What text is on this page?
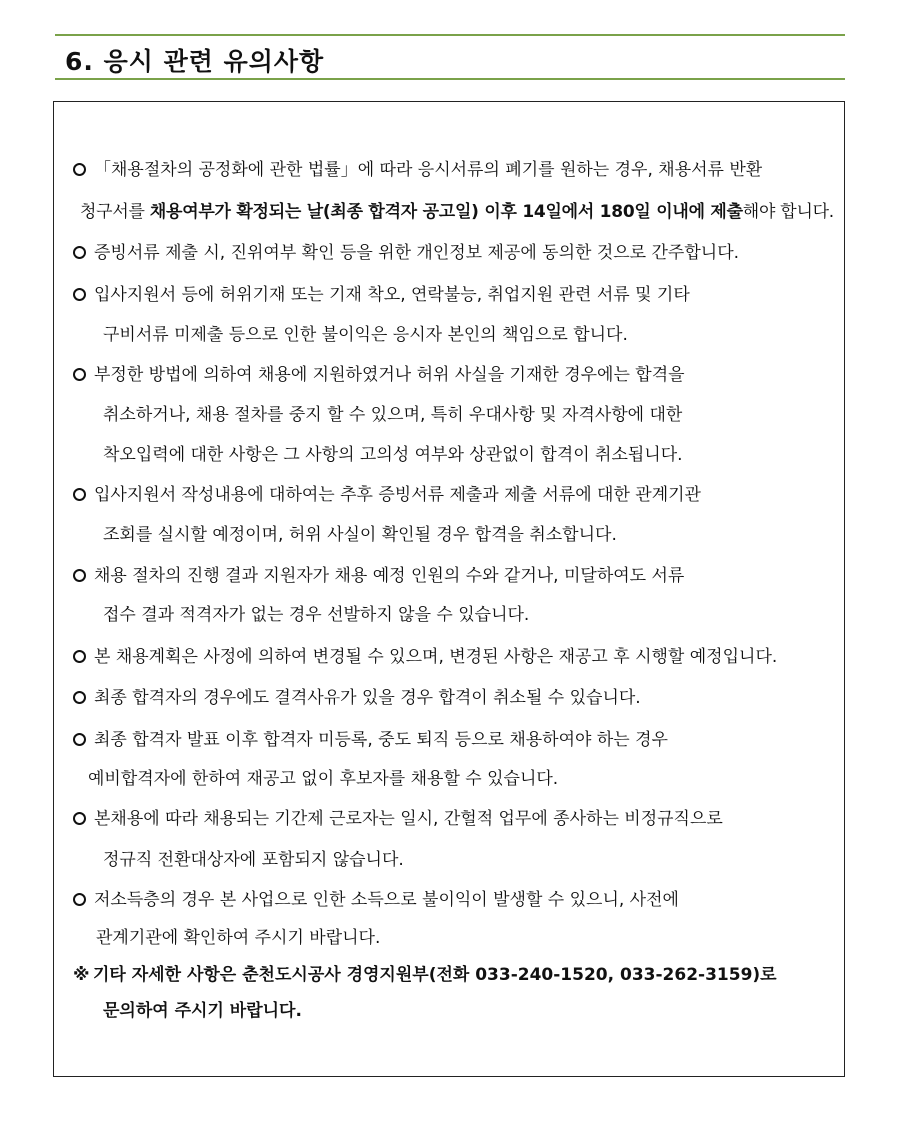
6. 응시 관련 유의사항
「채용절차의 공정화에 관한 법률」에 따라 응시서류의 폐기를 원하는 경우, 채용서류 반환
청구서를 채용여부가 확정되는 날(최종 합격자 공고일) 이후 14일에서 180일 이내에 제출해야 합니다.
증빙서류 제출 시, 진위여부 확인 등을 위한 개인정보 제공에 동의한 것으로 간주합니다.
입사지원서 등에 허위기재 또는 기재 착오, 연락불능, 취업지원 관련 서류 및 기타
구비서류 미제출 등으로 인한 불이익은 응시자 본인의 책임으로 합니다.
부정한 방법에 의하여 채용에 지원하였거나 허위 사실을 기재한 경우에는 합격을
취소하거나, 채용 절차를 중지 할 수 있으며, 특히 우대사항 및 자격사항에 대한
착오입력에 대한 사항은 그 사항의 고의성 여부와 상관없이 합격이 취소됩니다.
입사지원서 작성내용에 대하여는 추후 증빙서류 제출과 제출 서류에 대한 관계기관
조회를 실시할 예정이며, 허위 사실이 확인될 경우 합격을 취소합니다.
채용 절차의 진행 결과 지원자가 채용 예정 인원의 수와 같거나, 미달하여도 서류
접수 결과 적격자가 없는 경우 선발하지 않을 수 있습니다.
본 채용계획은 사정에 의하여 변경될 수 있으며, 변경된 사항은 재공고 후 시행할 예정입니다.
최종 합격자의 경우에도 결격사유가 있을 경우 합격이 취소될 수 있습니다.
최종 합격자 발표 이후 합격자 미등록, 중도 퇴직 등으로 채용하여야 하는 경우
예비합격자에 한하여 재공고 없이 후보자를 채용할 수 있습니다.
본채용에 따라 채용되는 기간제 근로자는 일시, 간헐적 업무에 종사하는 비정규직으로
정규직 전환대상자에 포함되지 않습니다.
저소득층의 경우 본 사업으로 인한 소득으로 불이익이 발생할 수 있으니, 사전에
관계기관에 확인하여 주시기 바랍니다.
※ 기타 자세한 사항은 춘천도시공사 경영지원부(전화 033-240-1520, 033-262-3159)로
문의하여 주시기 바랍니다.
